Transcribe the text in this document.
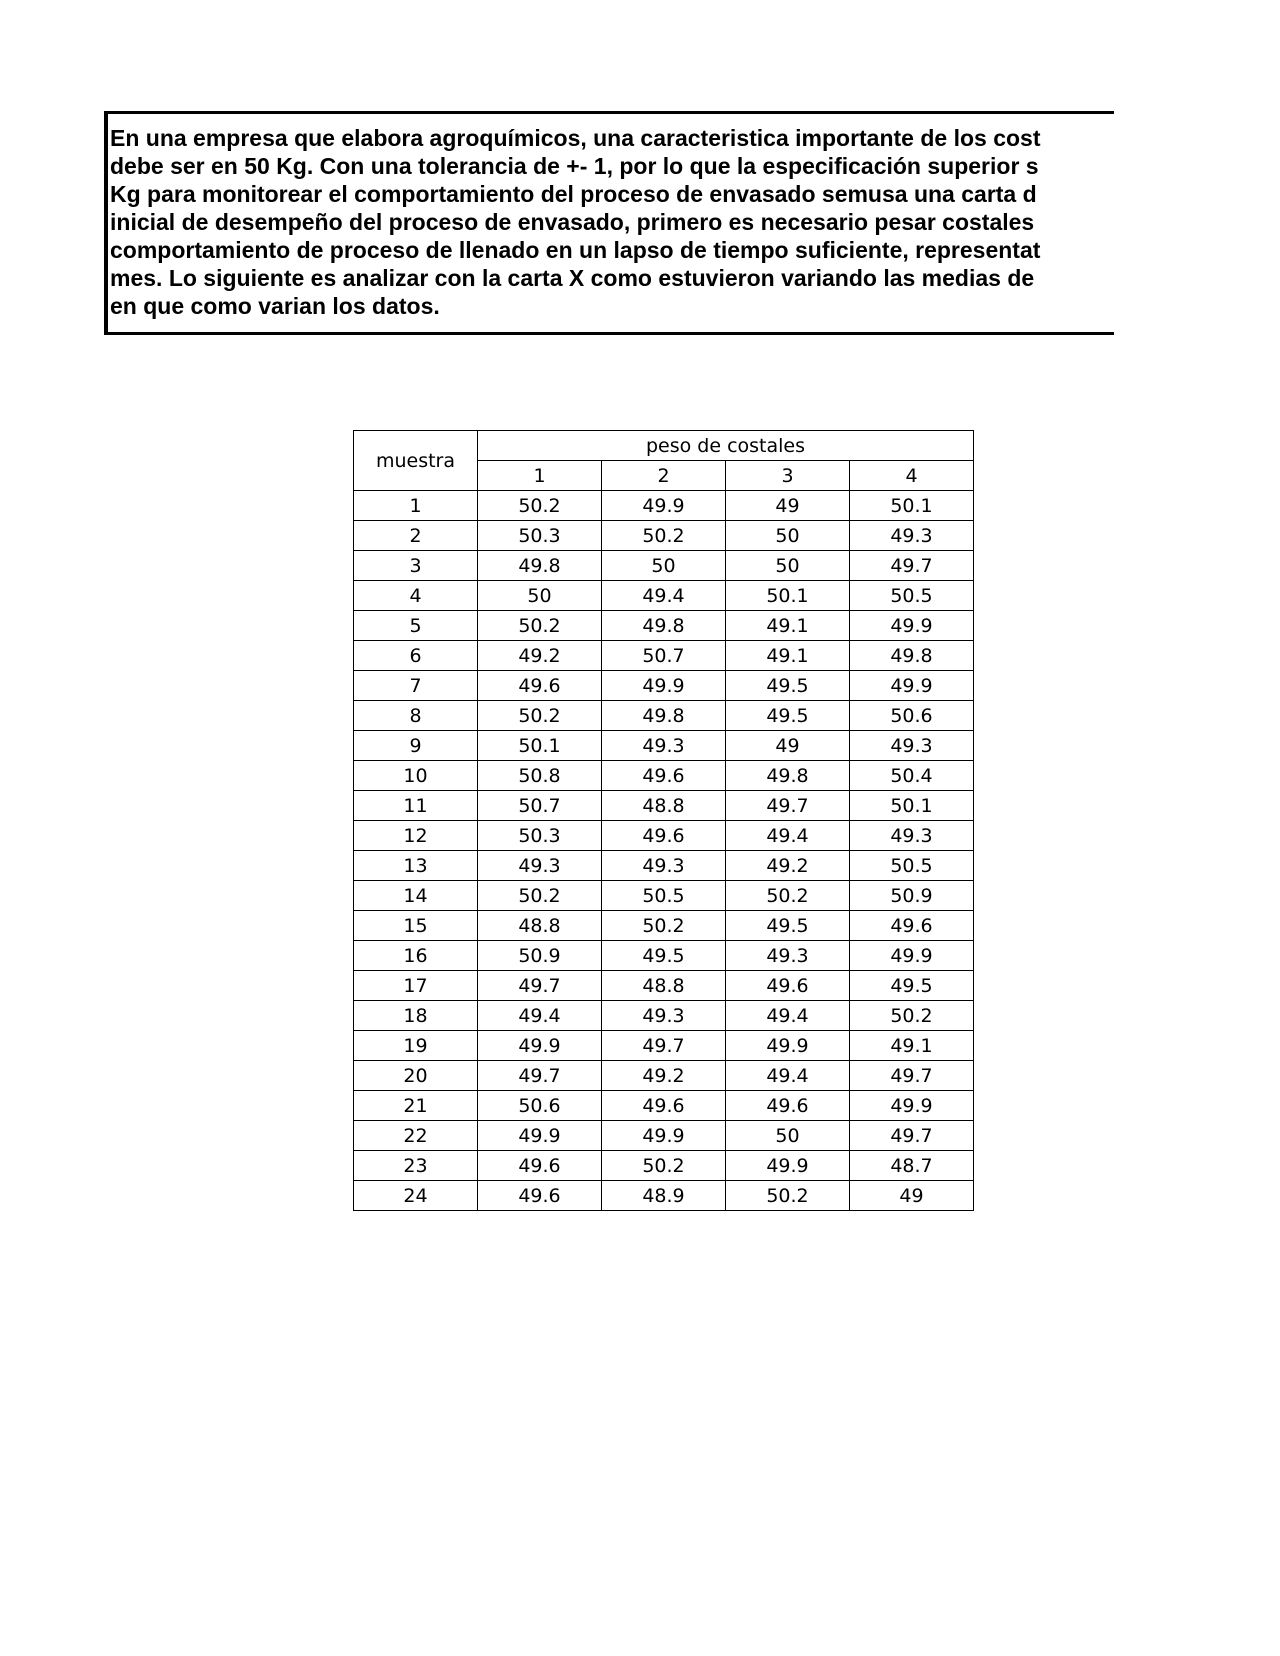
En una empresa que elabora agroquímicos, una caracteristica importante de los cost
debe ser en 50 Kg. Con una tolerancia de +- 1, por lo que la especificación superior s
Kg para monitorear el comportamiento del proceso de envasado semusa una carta d
inicial de desempeño del proceso de envasado, primero es necesario pesar costales
comportamiento de proceso de llenado en un lapso de tiempo suficiente, representat
mes. Lo siguiente es analizar con la carta X como estuvieron variando las medias de
en que como varian los datos.

muestra	peso de costales			
	1	2	3	4
1	50.2	49.9	49	50.1
2	50.3	50.2	50	49.3
3	49.8	50	50	49.7
4	50	49.4	50.1	50.5
5	50.2	49.8	49.1	49.9
6	49.2	50.7	49.1	49.8
7	49.6	49.9	49.5	49.9
8	50.2	49.8	49.5	50.6
9	50.1	49.3	49	49.3
10	50.8	49.6	49.8	50.4
11	50.7	48.8	49.7	50.1
12	50.3	49.6	49.4	49.3
13	49.3	49.3	49.2	50.5
14	50.2	50.5	50.2	50.9
15	48.8	50.2	49.5	49.6
16	50.9	49.5	49.3	49.9
17	49.7	48.8	49.6	49.5
18	49.4	49.3	49.4	50.2
19	49.9	49.7	49.9	49.1
20	49.7	49.2	49.4	49.7
21	50.6	49.6	49.6	49.9
22	49.9	49.9	50	49.7
23	49.6	50.2	49.9	48.7
24	49.6	48.9	50.2	49
